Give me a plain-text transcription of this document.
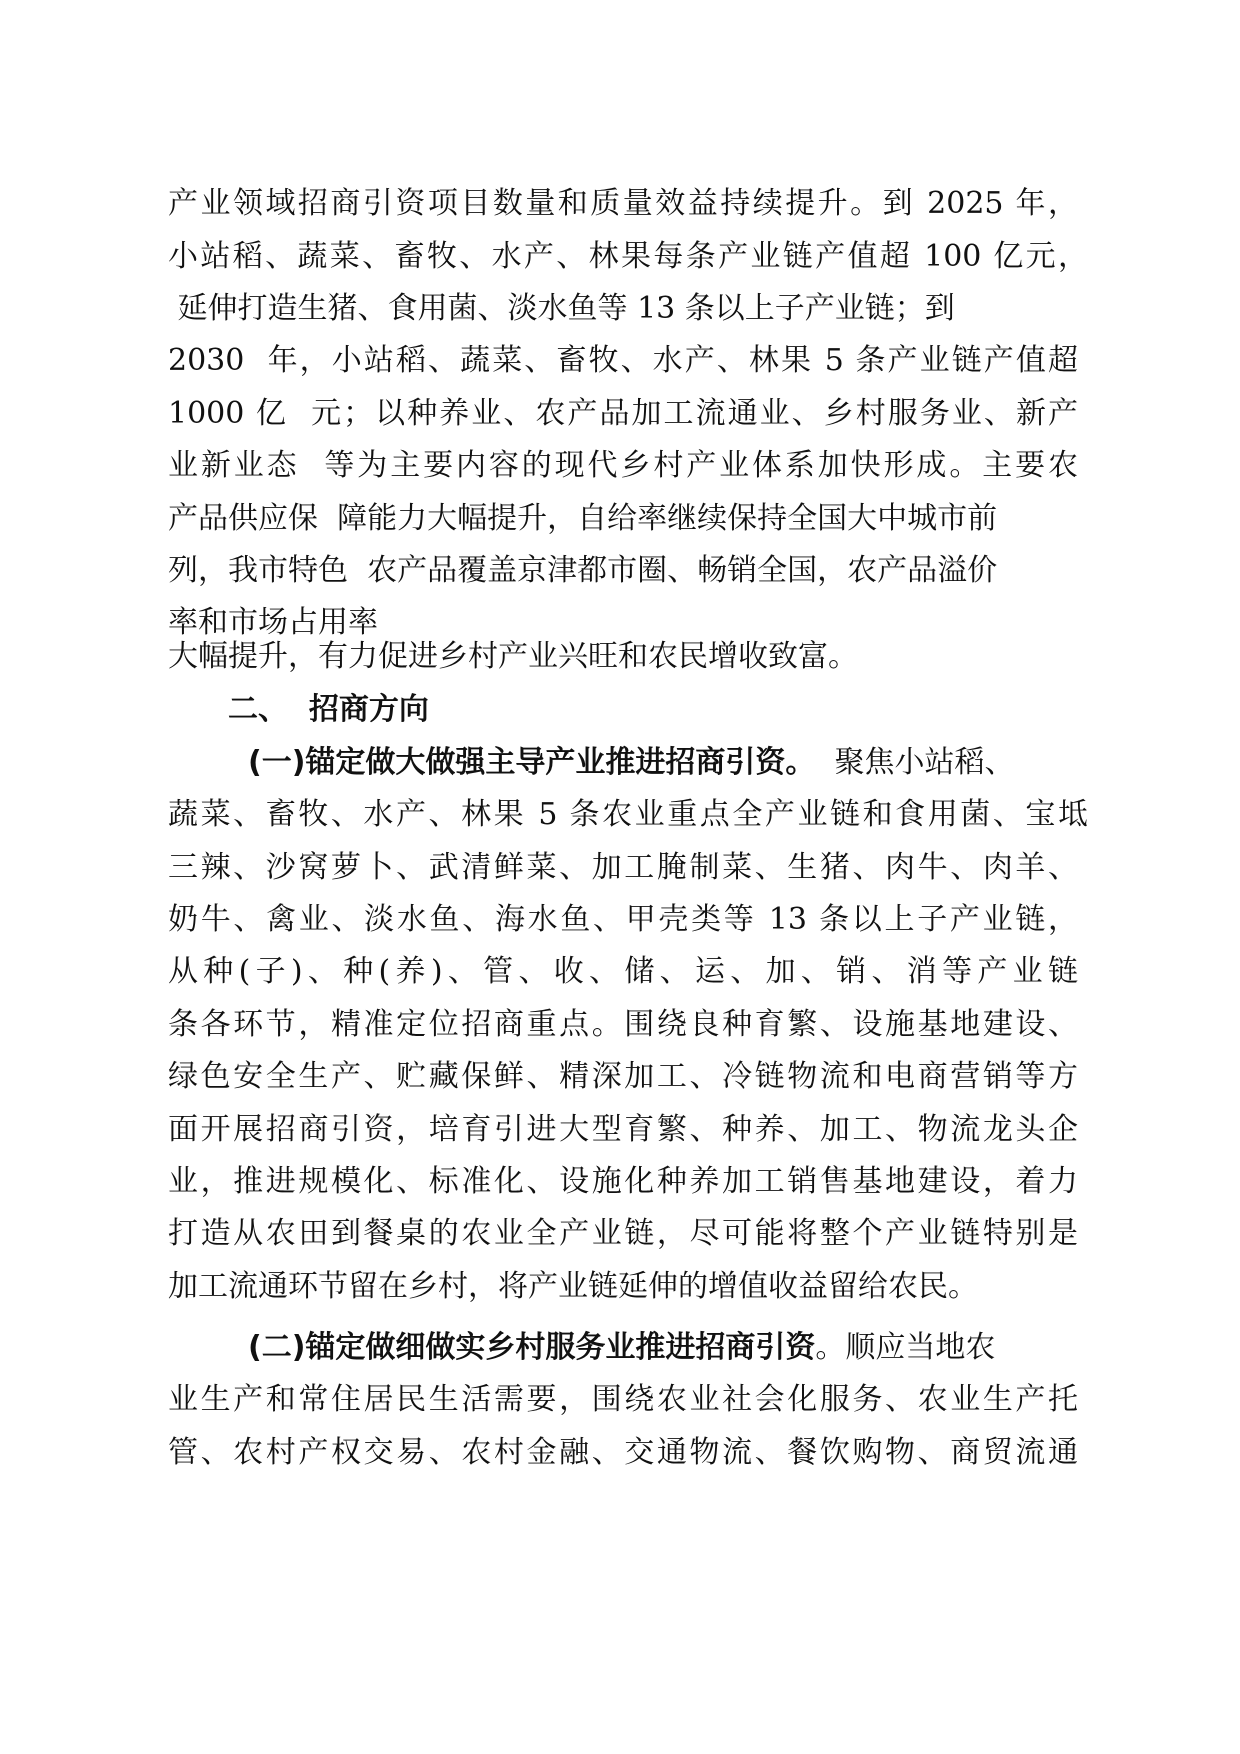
产业领域招商引资项目数量和质量效益持续提升。到 2025 年，
小站稻、蔬菜、畜牧、水产、林果每条产业链产值超 100 亿元，
延伸打造生猪、食用菌、淡水鱼等 13 条以上子产业链；到
2030  年，小站稻、蔬菜、畜牧、水产、林果 5 条产业链产值超
1000 亿  元；以种养业、农产品加工流通业、乡村服务业、新产
业新业态  等为主要内容的现代乡村产业体系加快形成。主要农
产品供应保  障能力大幅提升，自给率继续保持全国大中城市前
列，我市特色  农产品覆盖京津都市圈、畅销全国，农产品溢价
率和市场占用率
大幅提升，有力促进乡村产业兴旺和农民增收致富。
二、  招商方向
(一)锚定做大做强主导产业推进招商引资。  聚焦小站稻、
蔬菜、畜牧、水产、林果 5 条农业重点全产业链和食用菌、宝坻
三辣、沙窝萝卜、武清鲜菜、加工腌制菜、生猪、肉牛、肉羊、
奶牛、禽业、淡水鱼、海水鱼、甲壳类等 13 条以上子产业链，
从种(子)、种(养)、管、收、储、运、加、销、消等产业链
条各环节，精准定位招商重点。围绕良种育繁、设施基地建设、
绿色安全生产、贮藏保鲜、精深加工、冷链物流和电商营销等方
面开展招商引资，培育引进大型育繁、种养、加工、物流龙头企
业，推进规模化、标准化、设施化种养加工销售基地建设，着力
打造从农田到餐桌的农业全产业链，尽可能将整个产业链特别是
加工流通环节留在乡村，将产业链延伸的增值收益留给农民。
(二)锚定做细做实乡村服务业推进招商引资。顺应当地农
业生产和常住居民生活需要，围绕农业社会化服务、农业生产托
管、农村产权交易、农村金融、交通物流、餐饮购物、商贸流通
